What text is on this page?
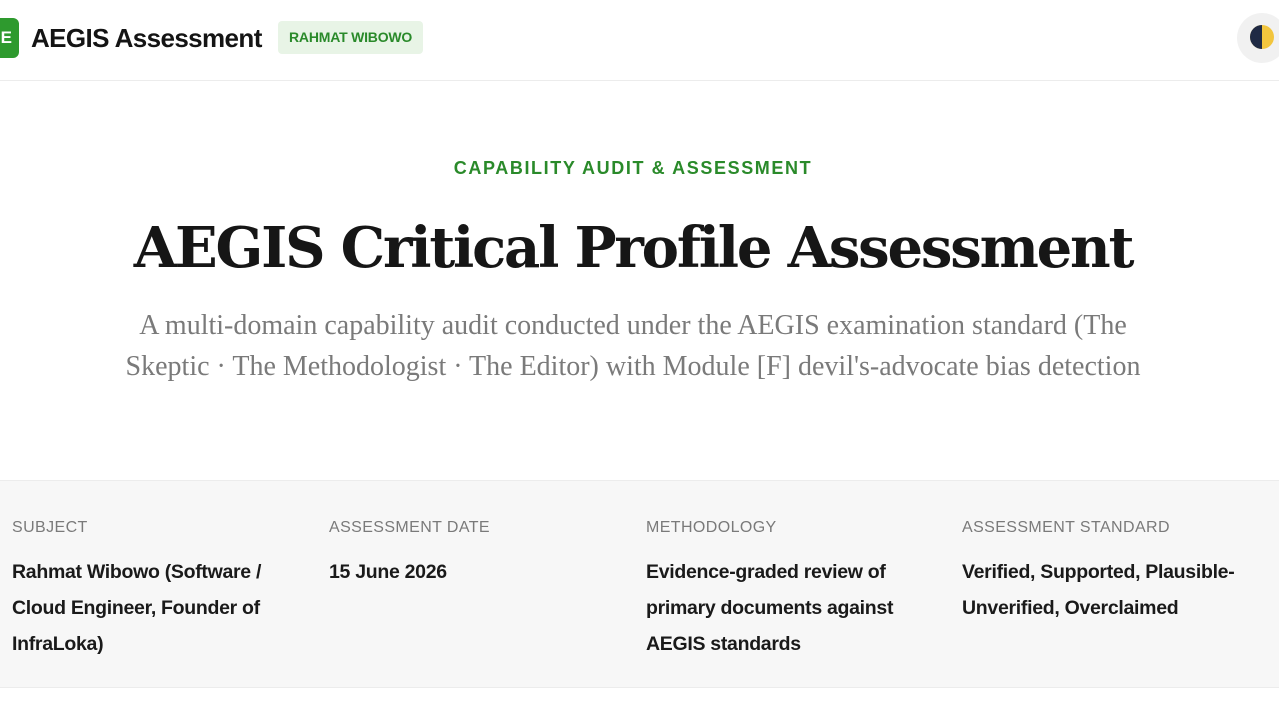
E AEGIS Assessment	RAHMAT WIBOWO
CAPABILITY AUDIT & ASSESSMENT
AEGIS Critical Profile Assessment

A multi-domain capability audit conducted under the AEGIS examination standard (The Skeptic · The Methodologist · The Editor) with Module [F] devil's-advocate bias detection

SUBJECT
Rahmat Wibowo (Software / Cloud Engineer, Founder of InfraLoka)
ASSESSMENT DATE
15 June 2026
METHODOLOGY
Evidence-graded review of primary documents against AEGIS standards
ASSESSMENT STANDARD
Verified, Supported, Plausible-Unverified, Overclaimed
